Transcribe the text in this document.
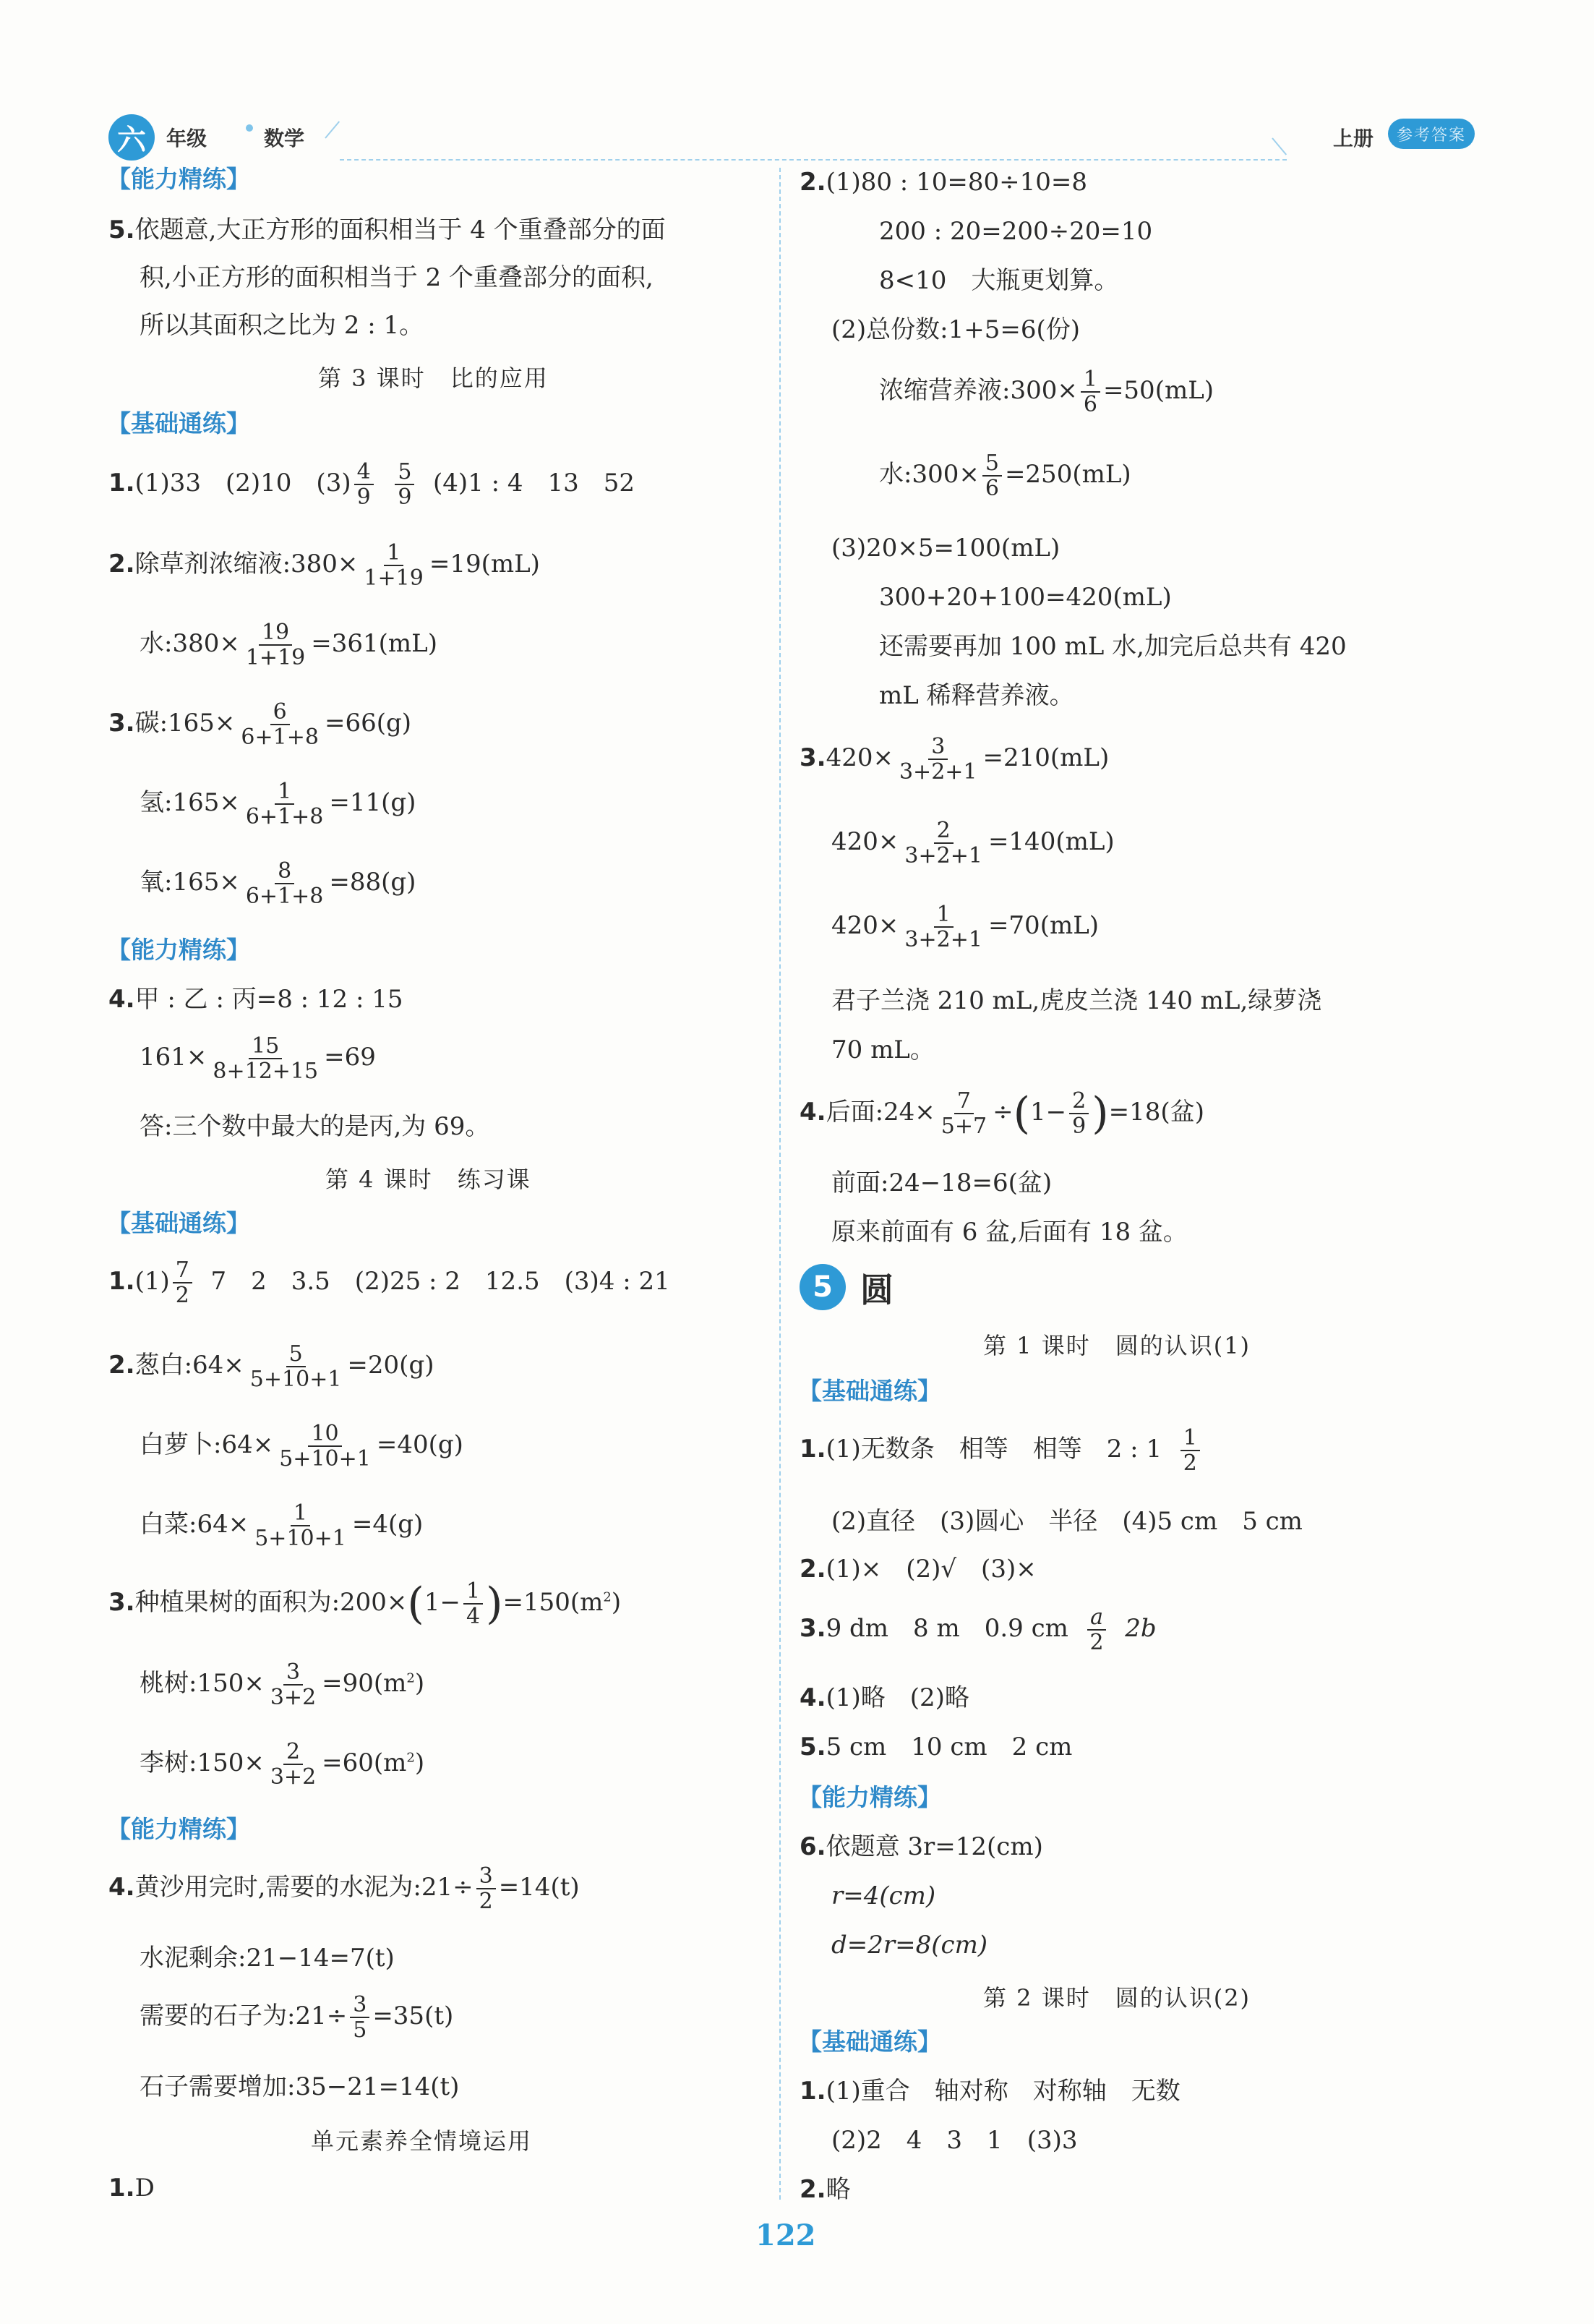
六	年级	数学	上册	参考答案
【能力精练】
5.依题意,大正方形的面积相当于 4 个重叠部分的面
积,小正方形的面积相当于 2 个重叠部分的面积,
所以其面积之比为 2 : 1。
第 3 课时　比的应用
【基础通练】
1.(1)33　(2)10　$(3) \frac{4}{9}$
$\frac{5}{9} (4)1$ : 4　13　52
2.除草剂浓缩液:380× $\frac{1}{1+19} =19(mL)$
水:380× $\frac{19}{1+19} =361(mL)$
3.碳:165× $\frac{6}{6+1+8} =66(g)$
氢:165× $\frac{1}{6+1+8} =11(g)$
氧:165× $\frac{8}{6+1+8} =88(g)$
【能力精练】
4.甲 : 乙 : 丙=8 : 12 : 15
$161\times \frac{15}{8+12+15} =69$
答:三个数中最大的是丙,为 69。
第 4 课时　练习课
【基础通练】
$1.(1) \frac{7}{2} 7$　2　3.5　(2)25 : 2　12.5　(3)4 : 21
2.葱白:64× $\frac{5}{5+10+1} =20(g)$
白萝卜:64× $\frac{10}{5+10+1} =40(g)$
白菜:64× $\frac{1}{5+10+1} =4(g)$
3.种植果树的面积为:200×(1− $\frac{1}{4} )=150(m^2)$
桃树:150× $\frac{3}{3+2} =90(m^2)$
李树:150× $\frac{2}{3+2} =60(m^2)$
【能力精练】
4.黄沙用完时,需要的水泥为:21÷ $\frac{3}{2} =14(t)$
水泥剩余:21−14=7(t)
需要的石子为:21÷ $\frac{3}{5} =35(t)$
石子需要增加:35−21=14(t)
单元素养全情境运用
1.D
2.(1)80 : 10=80÷10=8
200 : 20=200÷20=10
8<10　大瓶更划算。
(2)总份数:1+5=6(份)
浓缩营养液:300× $\frac{1}{6} =50(mL)$
水:300× $\frac{5}{6} =250(mL)$
(3)20×5=100(mL)
300+20+100=420(mL)
还需要再加 100 mL 水,加完后总共有 420
mL 稀释营养液。
$3.420\times \frac{3}{3+2+1} =210(mL)$
$420\times \frac{2}{3+2+1} =140(mL)$
$420\times \frac{1}{3+2+1} =70(mL)$
君子兰浇 210 mL,虎皮兰浇 140 mL,绿萝浇
70 mL。
4.后面:24× $\frac{7}{5+7} \div(1- \frac{2}{9} )=18$(盆)
前面:24−18=6(盆)
原来前面有 6 盆,后面有 18 盆。
5 圆
第 1 课时　圆的认识(1)
【基础通练】
1.(1)无数条　相等　相等　2 : $1 \frac{1}{2}$
(2)直径　(3)圆心　半径　(4)5 cm　5 cm
2.(1)×　(2)√　(3)×
3.9 dm　8 m　0.9 cm $\frac{a}{2} 2b$
4.(1)略　(2)略
5.5 cm　10 cm　2 cm
【能力精练】
6.依题意 3r=12(cm)
r=4(cm)
d=2r=8(cm)
第 2 课时　圆的认识(2)
【基础通练】
1.(1)重合　轴对称　对称轴　无数
(2)2　4　3　1　(3)3
2.略
122
